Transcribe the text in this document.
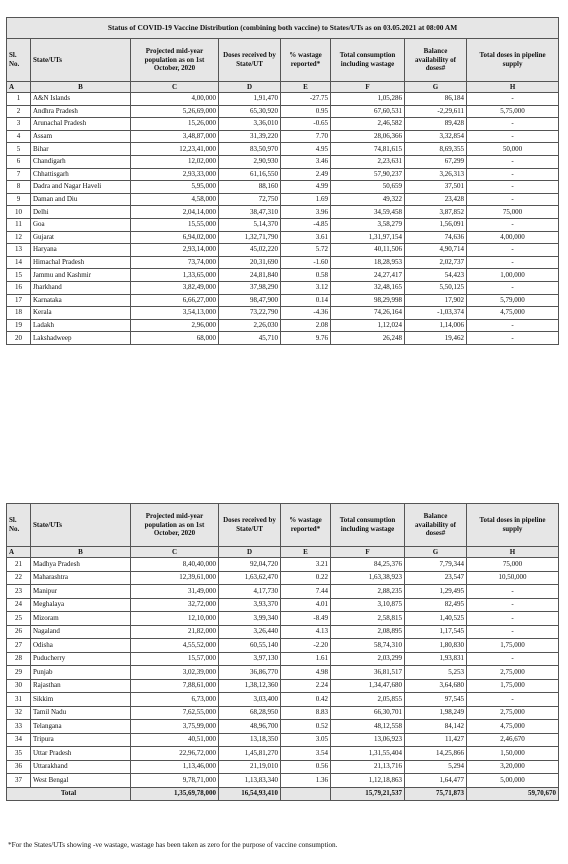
Status of COVID-19 Vaccine Distribution (combining both vaccine) to States/UTs as on 03.05.2021 at 08:00 AM							
Sl. No.	State/UTs	Projected mid-year population as on 1st October, 2020	Doses received by State/UT	% wastage reported*	Total consumption including wastage	Balance availability of doses#	Total doses in pipeline supply
A	B	C	D	E	F	G	H
1	A&N Islands	4,00,000	1,91,470	-27.75	1,05,286	86,184	-
2	Andhra Pradesh	5,26,69,000	65,30,920	0.95	67,60,531	-2,29,611	5,75,000
3	Arunachal Pradesh	15,26,000	3,36,010	-0.65	2,46,582	89,428	-
4	Assam	3,48,87,000	31,39,220	7.70	28,06,366	3,32,854	-
5	Bihar	12,23,41,000	83,50,970	4.95	74,81,615	8,69,355	50,000
6	Chandigarh	12,02,000	2,90,930	3.46	2,23,631	67,299	-
7	Chhattisgarh	2,93,33,000	61,16,550	2.49	57,90,237	3,26,313	-
8	Dadra and Nagar Haveli	5,95,000	88,160	4.99	50,659	37,501	-
9	Daman and Diu	4,58,000	72,750	1.69	49,322	23,428	-
10	Delhi	2,04,14,000	38,47,310	3.96	34,59,458	3,87,852	75,000
11	Goa	15,55,000	5,14,370	-4.85	3,58,279	1,56,091	-
12	Gujarat	6,94,02,000	1,32,71,790	3.61	1,31,97,154	74,636	4,00,000
13	Haryana	2,93,14,000	45,02,220	5.72	40,11,506	4,90,714	-
14	Himachal Pradesh	73,74,000	20,31,690	-1.60	18,28,953	2,02,737	-
15	Jammu and Kashmir	1,33,65,000	24,81,840	0.58	24,27,417	54,423	1,00,000
16	Jharkhand	3,82,49,000	37,98,290	3.12	32,48,165	5,50,125	-
17	Karnataka	6,66,27,000	98,47,900	0.14	98,29,998	17,902	5,79,000
18	Kerala	3,54,13,000	73,22,790	-4.36	74,26,164	-1,03,374	4,75,000
19	Ladakh	2,96,000	2,26,030	2.08	1,12,024	1,14,006	-
20	Lakshadweep	68,000	45,710	9.76	26,248	19,462	-
Sl. No.	State/UTs	Projected mid-year population as on 1st October, 2020	Doses received by State/UT	% wastage reported*	Total consumption including wastage	Balance availability of doses#	Total doses in pipeline supply
A	B	C	D	E	F	G	H
21	Madhya Pradesh	8,40,40,000	92,04,720	3.21	84,25,376	7,79,344	75,000
22	Maharashtra	12,39,61,000	1,63,62,470	0.22	1,63,38,923	23,547	10,50,000
23	Manipur	31,49,000	4,17,730	7.44	2,88,235	1,29,495	-
24	Meghalaya	32,72,000	3,93,370	4.01	3,10,875	82,495	-
25	Mizoram	12,10,000	3,99,340	-8.49	2,58,815	1,40,525	-
26	Nagaland	21,82,000	3,26,440	4.13	2,08,895	1,17,545	-
27	Odisha	4,55,52,000	60,55,140	-2.20	58,74,310	1,80,830	1,75,000
28	Puducherry	15,57,000	3,97,130	1.61	2,03,299	1,93,831	-
29	Punjab	3,02,39,000	36,86,770	4.98	36,81,517	5,253	2,75,000
30	Rajasthan	7,88,61,000	1,38,12,360	2.24	1,34,47,680	3,64,680	1,75,000
31	Sikkim	6,73,000	3,03,400	0.42	2,05,855	97,545	-
32	Tamil Nadu	7,62,55,000	68,28,950	8.83	66,30,701	1,98,249	2,75,000
33	Telangana	3,75,99,000	48,96,700	0.52	48,12,558	84,142	4,75,000
34	Tripura	40,51,000	13,18,350	3.05	13,06,923	11,427	2,46,670
35	Uttar Pradesh	22,96,72,000	1,45,81,270	3.54	1,31,55,404	14,25,866	1,50,000
36	Uttarakhand	1,13,46,000	21,19,010	0.56	21,13,716	5,294	3,20,000
37	West Bengal	9,78,71,000	1,13,83,340	1.36	1,12,18,863	1,64,477	5,00,000
Total		1,35,69,78,000	16,54,93,410		15,79,21,537	75,71,873	59,70,670
*For the States/UTs showing -ve wastage, wastage has been taken as zero for the purpose of vaccine consumption.
